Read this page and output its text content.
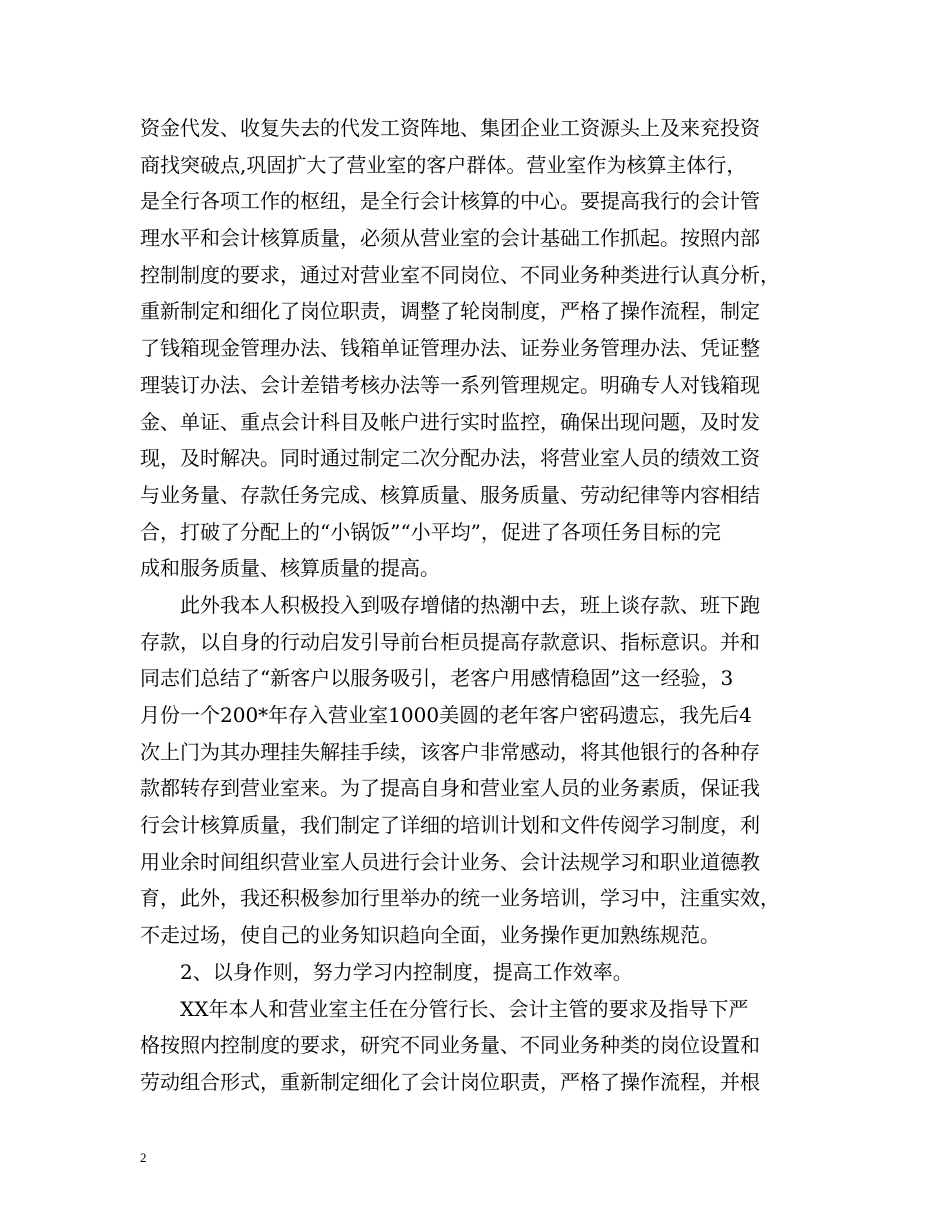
资金代发、收复失去的代发工资阵地、集团企业工资源头上及来兖投资
商找突破点,巩固扩大了营业室的客户群体。营业室作为核算主体行，
是全行各项工作的枢纽，是全行会计核算的中心。要提高我行的会计管
理水平和会计核算质量，必须从营业室的会计基础工作抓起。按照内部
控制制度的要求，通过对营业室不同岗位、不同业务种类进行认真分析，
重新制定和细化了岗位职责，调整了轮岗制度，严格了操作流程，制定
了钱箱现金管理办法、钱箱单证管理办法、证券业务管理办法、凭证整
理装订办法、会计差错考核办法等一系列管理规定。明确专人对钱箱现
金、单证、重点会计科目及帐户进行实时监控，确保出现问题，及时发
现，及时解决。同时通过制定二次分配办法，将营业室人员的绩效工资
与业务量、存款任务完成、核算质量、服务质量、劳动纪律等内容相结
合，打破了分配上的“小锅饭”“小平均”，促进了各项任务目标的完
成和服务质量、核算质量的提高。
　　此外我本人积极投入到吸存增储的热潮中去，班上谈存款、班下跑
存款，以自身的行动启发引导前台柜员提高存款意识、指标意识。并和
同志们总结了“新客户以服务吸引，老客户用感情稳固”这一经验，3
月份一个200*年存入营业室1000美圆的老年客户密码遗忘，我先后4
次上门为其办理挂失解挂手续，该客户非常感动，将其他银行的各种存
款都转存到营业室来。为了提高自身和营业室人员的业务素质，保证我
行会计核算质量，我们制定了详细的培训计划和文件传阅学习制度，利
用业余时间组织营业室人员进行会计业务、会计法规学习和职业道德教
育，此外，我还积极参加行里举办的统一业务培训，学习中，注重实效，
不走过场，使自己的业务知识趋向全面，业务操作更加熟练规范。
　　2、以身作则，努力学习内控制度，提高工作效率。
　　XX年本人和营业室主任在分管行长、会计主管的要求及指导下严
格按照内控制度的要求，研究不同业务量、不同业务种类的岗位设置和
劳动组合形式，重新制定细化了会计岗位职责，严格了操作流程，并根
2
